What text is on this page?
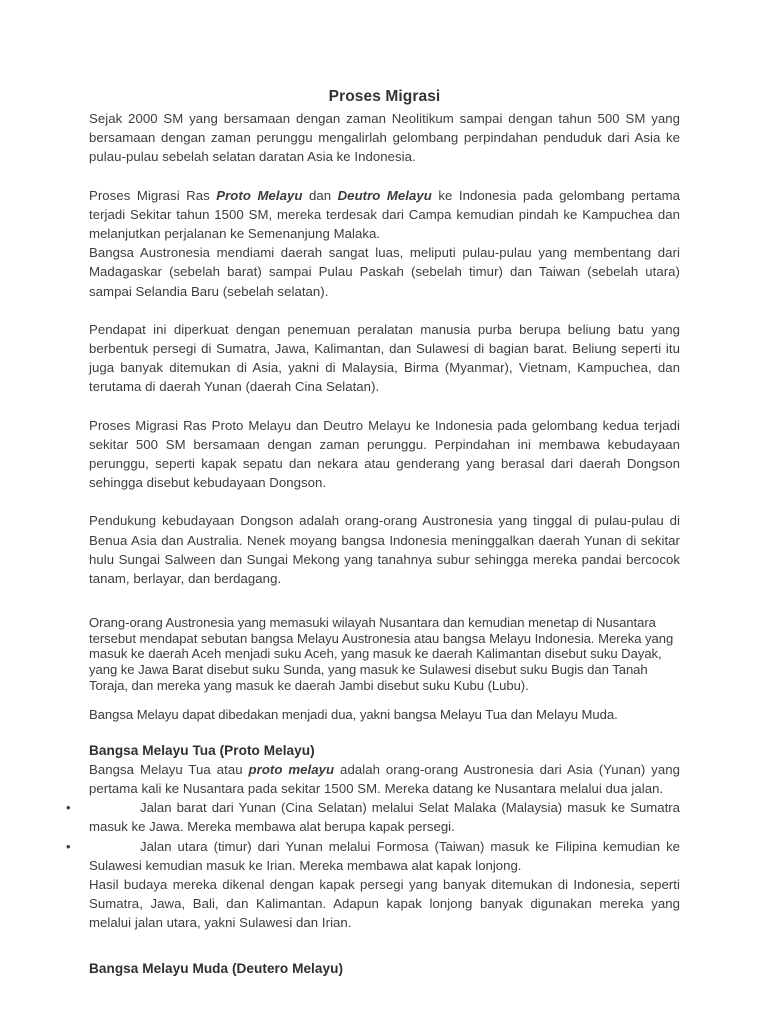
Proses Migrasi

Sejak 2000 SM yang bersamaan dengan zaman Neolitikum sampai dengan tahun 500 SM yang bersamaan dengan zaman perunggu mengalirlah gelombang perpindahan penduduk dari Asia ke pulau-pulau sebelah selatan daratan Asia ke Indonesia.

Proses Migrasi Ras Proto Melayu dan Deutro Melayu ke Indonesia pada gelombang pertama terjadi Sekitar tahun 1500 SM, mereka terdesak dari Campa kemudian pindah ke Kampuchea dan melanjutkan perjalanan ke Semenanjung Malaka.

Bangsa Austronesia mendiami daerah sangat luas, meliputi pulau-pulau yang membentang dari Madagaskar (sebelah barat) sampai Pulau Paskah (sebelah timur) dan Taiwan (sebelah utara) sampai Selandia Baru (sebelah selatan).

Pendapat ini diperkuat dengan penemuan peralatan manusia purba berupa beliung batu yang berbentuk persegi di Sumatra, Jawa, Kalimantan, dan Sulawesi di bagian barat. Beliung seperti itu juga banyak ditemukan di Asia, yakni di Malaysia, Birma (Myanmar), Vietnam, Kampuchea, dan terutama di daerah Yunan (daerah Cina Selatan).

Proses Migrasi Ras Proto Melayu dan Deutro Melayu ke Indonesia pada gelombang kedua terjadi sekitar 500 SM bersamaan dengan zaman perunggu. Perpindahan ini membawa kebudayaan perunggu, seperti kapak sepatu dan nekara atau genderang yang berasal dari daerah Dongson sehingga disebut kebudayaan Dongson.

Pendukung kebudayaan Dongson adalah orang-orang Austronesia yang tinggal di pulau-pulau di Benua Asia dan Australia. Nenek moyang bangsa Indonesia meninggalkan daerah Yunan di sekitar hulu Sungai Salween dan Sungai Mekong yang tanahnya subur sehingga mereka pandai bercocok tanam, berlayar, dan berdagang.

Orang-orang Austronesia yang memasuki wilayah Nusantara dan kemudian menetap di Nusantara tersebut mendapat sebutan bangsa Melayu Austronesia atau bangsa Melayu Indonesia. Mereka yang masuk ke daerah Aceh menjadi suku Aceh, yang masuk ke daerah Kalimantan disebut suku Dayak, yang ke Jawa Barat disebut suku Sunda, yang masuk ke Sulawesi disebut suku Bugis dan Tanah Toraja, dan mereka yang masuk ke daerah Jambi disebut suku Kubu (Lubu).

Bangsa Melayu dapat dibedakan menjadi dua, yakni bangsa Melayu Tua dan Melayu Muda.

Bangsa Melayu Tua (Proto Melayu)

Bangsa Melayu Tua atau proto melayu adalah orang-orang Austronesia dari Asia (Yunan) yang pertama kali ke Nusantara pada sekitar 1500 SM. Mereka datang ke Nusantara melalui dua jalan.

•	Jalan barat dari Yunan (Cina Selatan) melalui Selat Malaka (Malaysia) masuk ke Sumatra masuk ke Jawa. Mereka membawa alat berupa kapak persegi.
•	Jalan utara (timur) dari Yunan melalui Formosa (Taiwan) masuk ke Filipina kemudian ke Sulawesi kemudian masuk ke Irian. Mereka membawa alat kapak lonjong.

Hasil budaya mereka dikenal dengan kapak persegi yang banyak ditemukan di Indonesia, seperti Sumatra, Jawa, Bali, dan Kalimantan. Adapun kapak lonjong banyak digunakan mereka yang melalui jalan utara, yakni Sulawesi dan Irian.

Bangsa Melayu Muda (Deutero Melayu)
